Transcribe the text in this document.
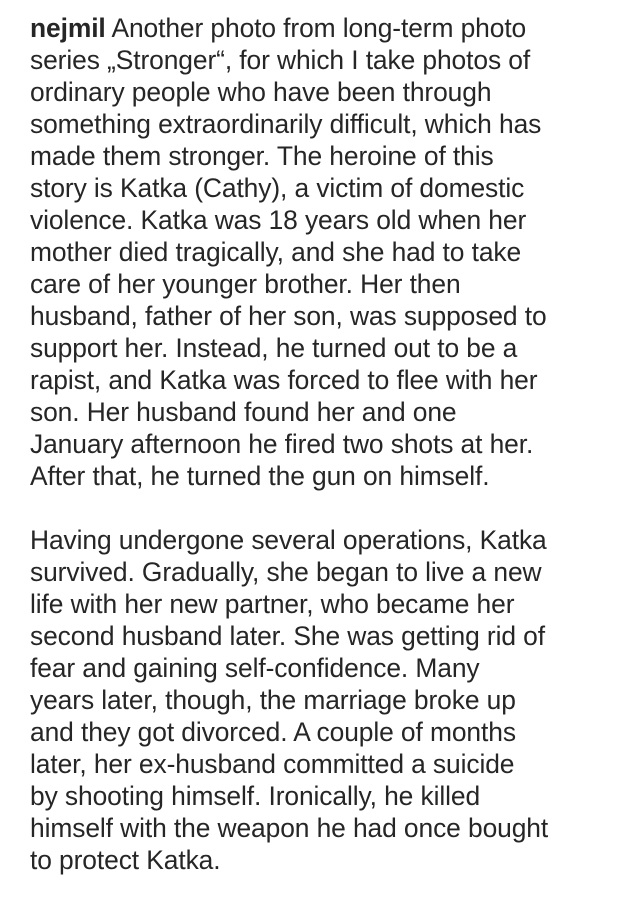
nejmil Another photo from long-term photo
series „Stronger“, for which I take photos of
ordinary people who have been through
something extraordinarily difficult, which has
made them stronger. The heroine of this
story is Katka (Cathy), a victim of domestic
violence. Katka was 18 years old when her
mother died tragically, and she had to take
care of her younger brother. Her then
husband, father of her son, was supposed to
support her. Instead, he turned out to be a
rapist, and Katka was forced to flee with her
son. Her husband found her and one
January afternoon he fired two shots at her.
After that, he turned the gun on himself.
Having undergone several operations, Katka
survived. Gradually, she began to live a new
life with her new partner, who became her
second husband later. She was getting rid of
fear and gaining self-confidence. Many
years later, though, the marriage broke up
and they got divorced. A couple of months
later, her ex-husband committed a suicide
by shooting himself. Ironically, he killed
himself with the weapon he had once bought
to protect Katka.
